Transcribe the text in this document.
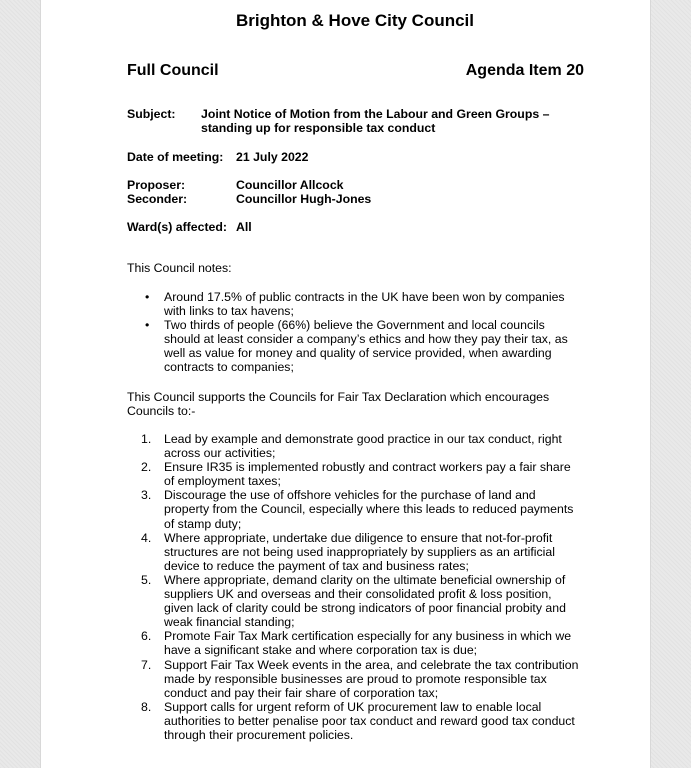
Brighton & Hove City Council
Full Council	Agenda Item 20
Subject: Joint Notice of Motion from the Labour and Green Groups – standing up for responsible tax conduct
Date of meeting: 21 July 2022
Proposer:	Councillor Allcock
Seconder:	Councillor Hugh-Jones
Ward(s) affected: All
This Council notes:
• Around 17.5% of public contracts in the UK have been won by companies with links to tax havens;
• Two thirds of people (66%) believe the Government and local councils should at least consider a company’s ethics and how they pay their tax, as well as value for money and quality of service provided, when awarding contracts to companies;
This Council supports the Councils for Fair Tax Declaration which encourages Councils to:-
1. Lead by example and demonstrate good practice in our tax conduct, right across our activities;
2. Ensure IR35 is implemented robustly and contract workers pay a fair share of employment taxes;
3. Discourage the use of offshore vehicles for the purchase of land and property from the Council, especially where this leads to reduced payments of stamp duty;
4. Where appropriate, undertake due diligence to ensure that not-for-profit structures are not being used inappropriately by suppliers as an artificial device to reduce the payment of tax and business rates;
5. Where appropriate, demand clarity on the ultimate beneficial ownership of suppliers UK and overseas and their consolidated profit & loss position, given lack of clarity could be strong indicators of poor financial probity and weak financial standing;
6. Promote Fair Tax Mark certification especially for any business in which we have a significant stake and where corporation tax is due;
7. Support Fair Tax Week events in the area, and celebrate the tax contribution made by responsible businesses are proud to promote responsible tax conduct and pay their fair share of corporation tax;
8. Support calls for urgent reform of UK procurement law to enable local authorities to better penalise poor tax conduct and reward good tax conduct through their procurement policies.
